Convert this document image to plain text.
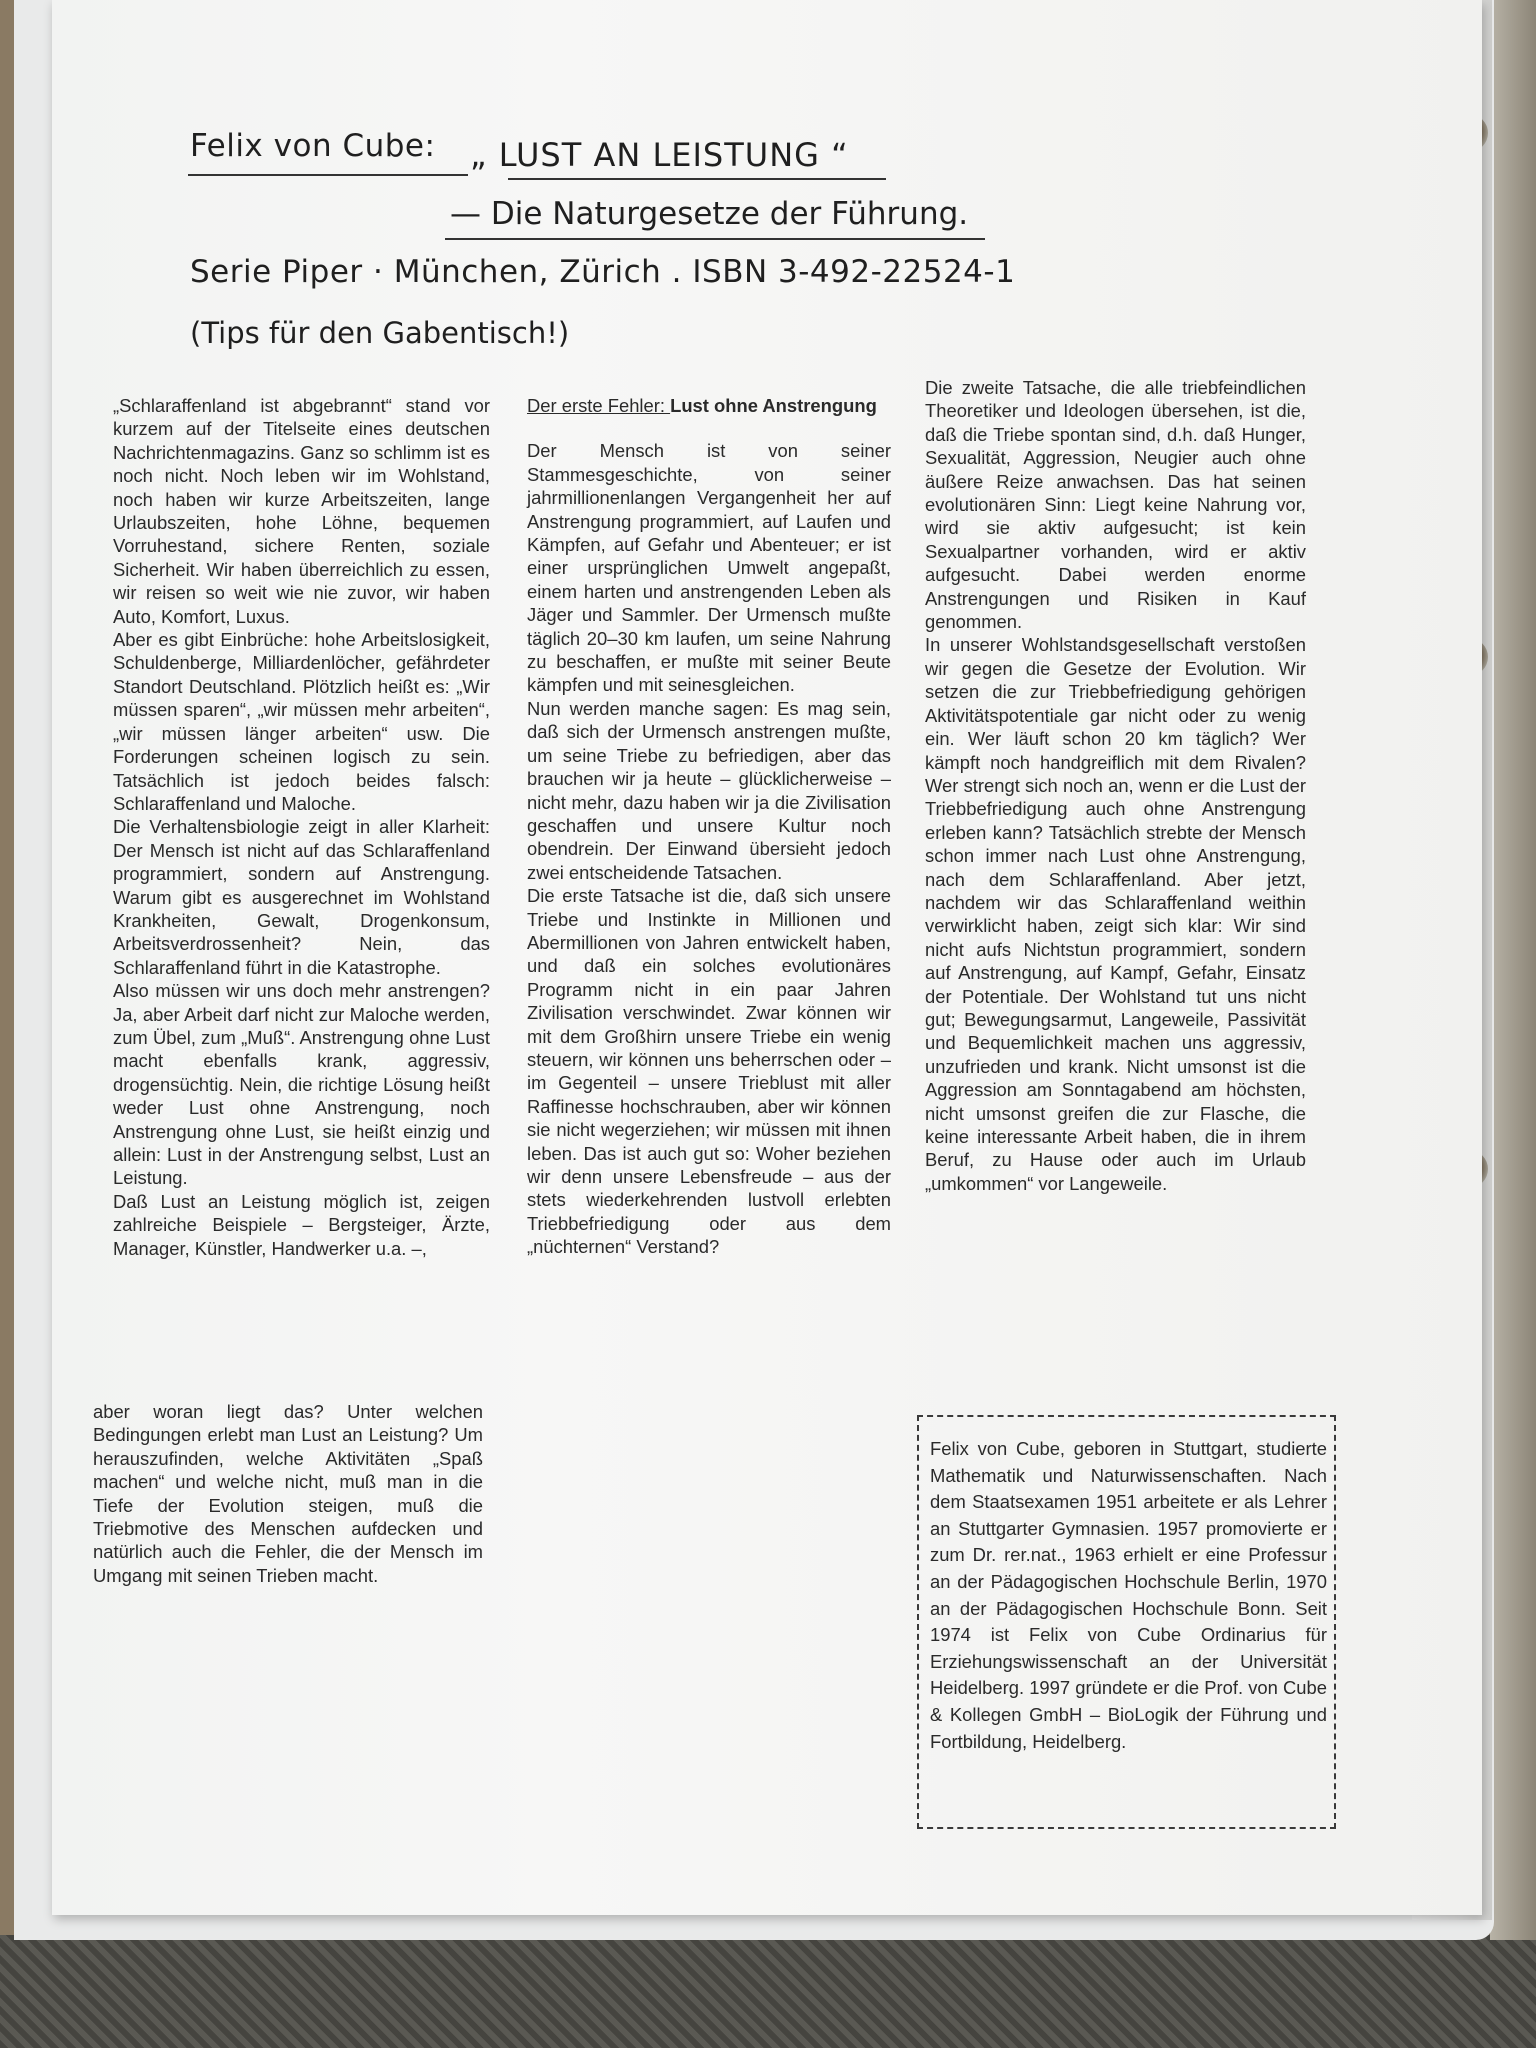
Felix von Cube: „ LUST AN LEISTUNG “
— Die Naturgesetze der Führung.
Serie Piper · München, Zürich . ISBN 3-492-22524-1
(Tips für den Gabentisch!)

„Schlaraffenland ist abgebrannt“ stand vor kurzem auf der Titelseite eines deutschen Nachrichtenmagazins. Ganz so schlimm ist es noch nicht. Noch leben wir im Wohlstand, noch haben wir kurze Arbeitszeiten, lange Urlaubszeiten, hohe Löhne, bequemen Vorruhestand, sichere Renten, soziale Sicherheit. Wir haben überreichlich zu essen, wir reisen so weit wie nie zuvor, wir haben Auto, Komfort, Luxus.

Aber es gibt Einbrüche: hohe Arbeitslosigkeit, Schuldenberge, Milliardenlöcher, gefährdeter Standort Deutschland. Plötzlich heißt es: „Wir müssen sparen“, „wir müssen mehr arbeiten“, „wir müssen länger arbeiten“ usw. Die Forderungen scheinen logisch zu sein. Tatsächlich ist jedoch beides falsch: Schlaraffenland und Maloche.

Die Verhaltensbiologie zeigt in aller Klarheit: Der Mensch ist nicht auf das Schlaraffenland programmiert, sondern auf Anstrengung. Warum gibt es ausgerechnet im Wohlstand Krankheiten, Gewalt, Drogenkonsum, Arbeitsverdrossenheit? Nein, das Schlaraffenland führt in die Katastrophe.

Also müssen wir uns doch mehr anstrengen? Ja, aber Arbeit darf nicht zur Maloche werden, zum Übel, zum „Muß“. Anstrengung ohne Lust macht ebenfalls krank, aggressiv, drogensüchtig. Nein, die richtige Lösung heißt weder Lust ohne Anstrengung, noch Anstrengung ohne Lust, sie heißt einzig und allein: Lust in der Anstrengung selbst, Lust an Leistung.

Daß Lust an Leistung möglich ist, zeigen zahlreiche Beispiele – Bergsteiger, Ärzte, Manager, Künstler, Handwerker u.a. –,

aber woran liegt das? Unter welchen Bedingungen erlebt man Lust an Leistung? Um herauszufinden, welche Aktivitäten „Spaß machen“ und welche nicht, muß man in die Tiefe der Evolution steigen, muß die Triebmotive des Menschen aufdecken und natürlich auch die Fehler, die der Mensch im Umgang mit seinen Trieben macht.

Der erste Fehler: Lust ohne Anstrengung

Der Mensch ist von seiner Stammesgeschichte, von seiner jahrmillionenlangen Vergangenheit her auf Anstrengung programmiert, auf Laufen und Kämpfen, auf Gefahr und Abenteuer; er ist einer ursprünglichen Umwelt angepaßt, einem harten und anstrengenden Leben als Jäger und Sammler. Der Urmensch mußte täglich 20–30 km laufen, um seine Nahrung zu beschaffen, er mußte mit seiner Beute kämpfen und mit seinesgleichen.

Nun werden manche sagen: Es mag sein, daß sich der Urmensch anstrengen mußte, um seine Triebe zu befriedigen, aber das brauchen wir ja heute – glücklicherweise – nicht mehr, dazu haben wir ja die Zivilisation geschaffen und unsere Kultur noch obendrein. Der Einwand übersieht jedoch zwei entscheidende Tatsachen.

Die erste Tatsache ist die, daß sich unsere Triebe und Instinkte in Millionen und Abermillionen von Jahren entwickelt haben, und daß ein solches evolutionäres Programm nicht in ein paar Jahren Zivilisation verschwindet. Zwar können wir mit dem Großhirn unsere Triebe ein wenig steuern, wir können uns beherrschen oder – im Gegenteil – unsere Trieblust mit aller Raffinesse hochschrauben, aber wir können sie nicht wegerziehen; wir müssen mit ihnen leben. Das ist auch gut so: Woher beziehen wir denn unsere Lebensfreude – aus der stets wiederkehrenden lustvoll erlebten Triebbefriedigung oder aus dem „nüchternen“ Verstand?

Die zweite Tatsache, die alle triebfeindlichen Theoretiker und Ideologen übersehen, ist die, daß die Triebe spontan sind, d.h. daß Hunger, Sexualität, Aggression, Neugier auch ohne äußere Reize anwachsen. Das hat seinen evolutionären Sinn: Liegt keine Nahrung vor, wird sie aktiv aufgesucht; ist kein Sexualpartner vorhanden, wird er aktiv aufgesucht. Dabei werden enorme Anstrengungen und Risiken in Kauf genommen.

In unserer Wohlstandsgesellschaft verstoßen wir gegen die Gesetze der Evolution. Wir setzen die zur Triebbefriedigung gehörigen Aktivitätspotentiale gar nicht oder zu wenig ein. Wer läuft schon 20 km täglich? Wer kämpft noch handgreiflich mit dem Rivalen? Wer strengt sich noch an, wenn er die Lust der Triebbefriedigung auch ohne Anstrengung erleben kann? Tatsächlich strebte der Mensch schon immer nach Lust ohne Anstrengung, nach dem Schlaraffenland. Aber jetzt, nachdem wir das Schlaraffenland weithin verwirklicht haben, zeigt sich klar: Wir sind nicht aufs Nichtstun programmiert, sondern auf Anstrengung, auf Kampf, Gefahr, Einsatz der Potentiale. Der Wohlstand tut uns nicht gut; Bewegungsarmut, Langeweile, Passivität und Bequemlichkeit machen uns aggressiv, unzufrieden und krank. Nicht umsonst ist die Aggression am Sonntagabend am höchsten, nicht umsonst greifen die zur Flasche, die keine interessante Arbeit haben, die in ihrem Beruf, zu Hause oder auch im Urlaub „umkommen“ vor Langeweile.

Felix von Cube, geboren in Stuttgart, studierte Mathematik und Naturwissenschaften. Nach dem Staatsexamen 1951 arbeitete er als Lehrer an Stuttgarter Gymnasien. 1957 promovierte er zum Dr. rer.nat., 1963 erhielt er eine Professur an der Pädagogischen Hochschule Berlin, 1970 an der Pädagogischen Hochschule Bonn. Seit 1974 ist Felix von Cube Ordinarius für Erziehungswissenschaft an der Universität Heidelberg. 1997 gründete er die Prof. von Cube & Kollegen GmbH – BioLogik der Führung und Fortbildung, Heidelberg.
